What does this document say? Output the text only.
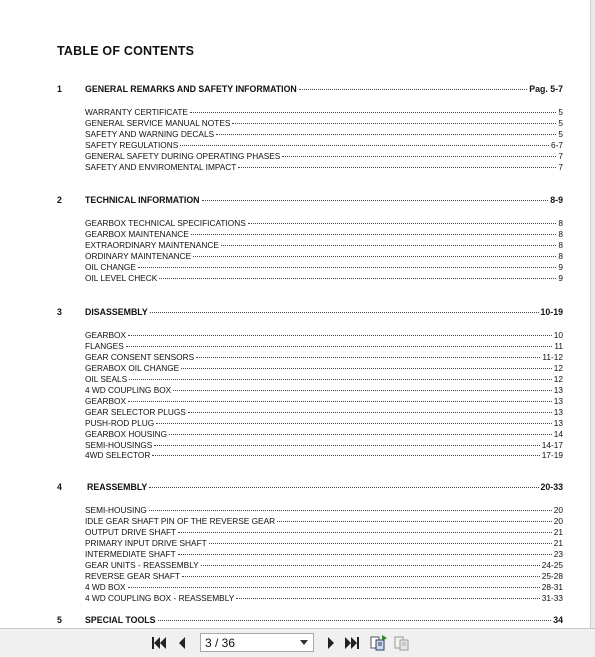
TABLE OF CONTENTS
1	GENERAL REMARKS AND SAFETY INFORMATION	Pag. 5-7
WARRANTY CERTIFICATE	5
GENERAL SERVICE MANUAL NOTES	5
SAFETY AND WARNING DECALS	5
SAFETY REGULATIONS	6-7
GENERAL SAFETY DURING OPERATING PHASES	7
SAFETY AND ENVIROMENTAL IMPACT	7
2	TECHNICAL INFORMATION	8-9
GEARBOX TECHNICAL SPECIFICATIONS	8
GEARBOX MAINTENANCE	8
EXTRAORDINARY MAINTENANCE	8
ORDINARY MAINTENANCE	8
OIL CHANGE	9
OIL LEVEL CHECK	9
3	DISASSEMBLY	10-19
GEARBOX	10
FLANGES	11
GEAR CONSENT SENSORS	11-12
GERABOX OIL CHANGE	12
OIL SEALS	12
4 WD COUPLING BOX	13
GEARBOX	13
GEAR SELECTOR PLUGS	13
PUSH-ROD PLUG	13
GEARBOX HOUSING	14
SEMI-HOUSINGS	14-17
4WD SELECTOR	17-19
4	REASSEMBLY	20-33
SEMI-HOUSING	20
IDLE GEAR SHAFT PIN OF THE REVERSE GEAR	20
OUTPUT DRIVE SHAFT	21
PRIMARY INPUT DRIVE SHAFT	21
INTERMEDIATE SHAFT	23
GEAR UNITS - REASSEMBLY	24-25
REVERSE GEAR SHAFT	25-28
4 WD BOX	28-31
4 WD COUPLING BOX - REASSEMBLY	31-33
5	SPECIAL TOOLS	34
3 / 36
